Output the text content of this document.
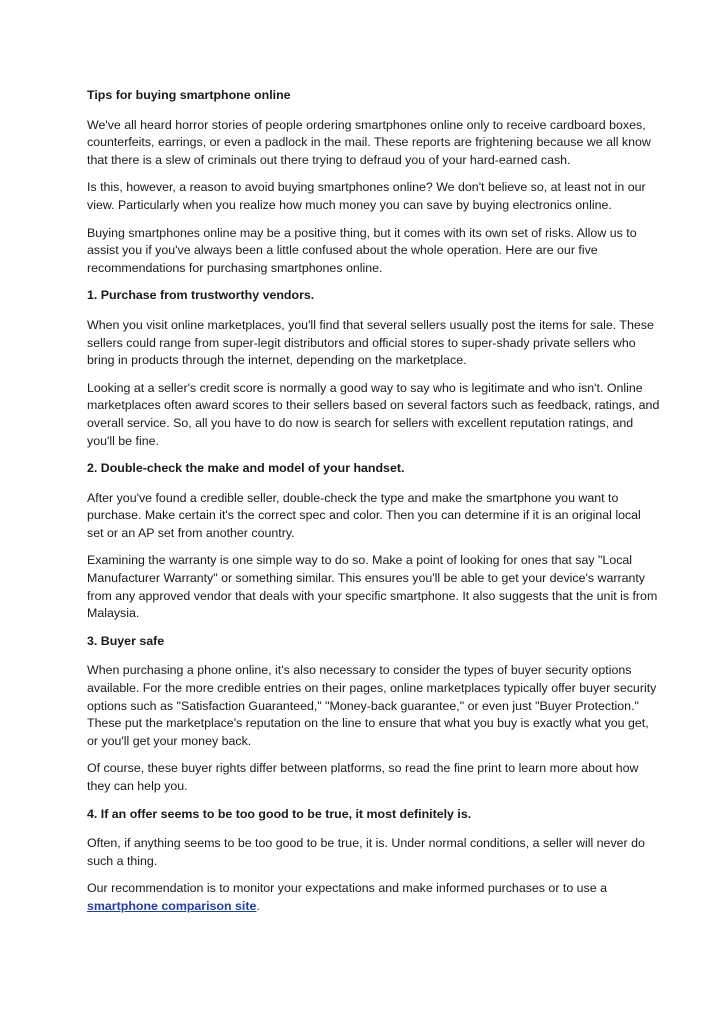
Tips for buying smartphone online
We've all heard horror stories of people ordering smartphones online only to receive cardboard boxes, counterfeits, earrings, or even a padlock in the mail. These reports are frightening because we all know that there is a slew of criminals out there trying to defraud you of your hard-earned cash.
Is this, however, a reason to avoid buying smartphones online? We don't believe so, at least not in our view. Particularly when you realize how much money you can save by buying electronics online.
Buying smartphones online may be a positive thing, but it comes with its own set of risks. Allow us to assist you if you've always been a little confused about the whole operation. Here are our five recommendations for purchasing smartphones online.
1. Purchase from trustworthy vendors.
When you visit online marketplaces, you'll find that several sellers usually post the items for sale. These sellers could range from super-legit distributors and official stores to super-shady private sellers who bring in products through the internet, depending on the marketplace.
Looking at a seller's credit score is normally a good way to say who is legitimate and who isn't. Online marketplaces often award scores to their sellers based on several factors such as feedback, ratings, and overall service. So, all you have to do now is search for sellers with excellent reputation ratings, and you'll be fine.
2. Double-check the make and model of your handset.
After you've found a credible seller, double-check the type and make the smartphone you want to purchase. Make certain it's the correct spec and color. Then you can determine if it is an original local set or an AP set from another country.
Examining the warranty is one simple way to do so. Make a point of looking for ones that say "Local Manufacturer Warranty" or something similar. This ensures you'll be able to get your device's warranty from any approved vendor that deals with your specific smartphone. It also suggests that the unit is from Malaysia.
3. Buyer safe
When purchasing a phone online, it's also necessary to consider the types of buyer security options available. For the more credible entries on their pages, online marketplaces typically offer buyer security options such as "Satisfaction Guaranteed," "Money-back guarantee," or even just "Buyer Protection." These put the marketplace's reputation on the line to ensure that what you buy is exactly what you get, or you'll get your money back.
Of course, these buyer rights differ between platforms, so read the fine print to learn more about how they can help you.
4. If an offer seems to be too good to be true, it most definitely is.
Often, if anything seems to be too good to be true, it is. Under normal conditions, a seller will never do such a thing.
Our recommendation is to monitor your expectations and make informed purchases or to use a smartphone comparison site.
